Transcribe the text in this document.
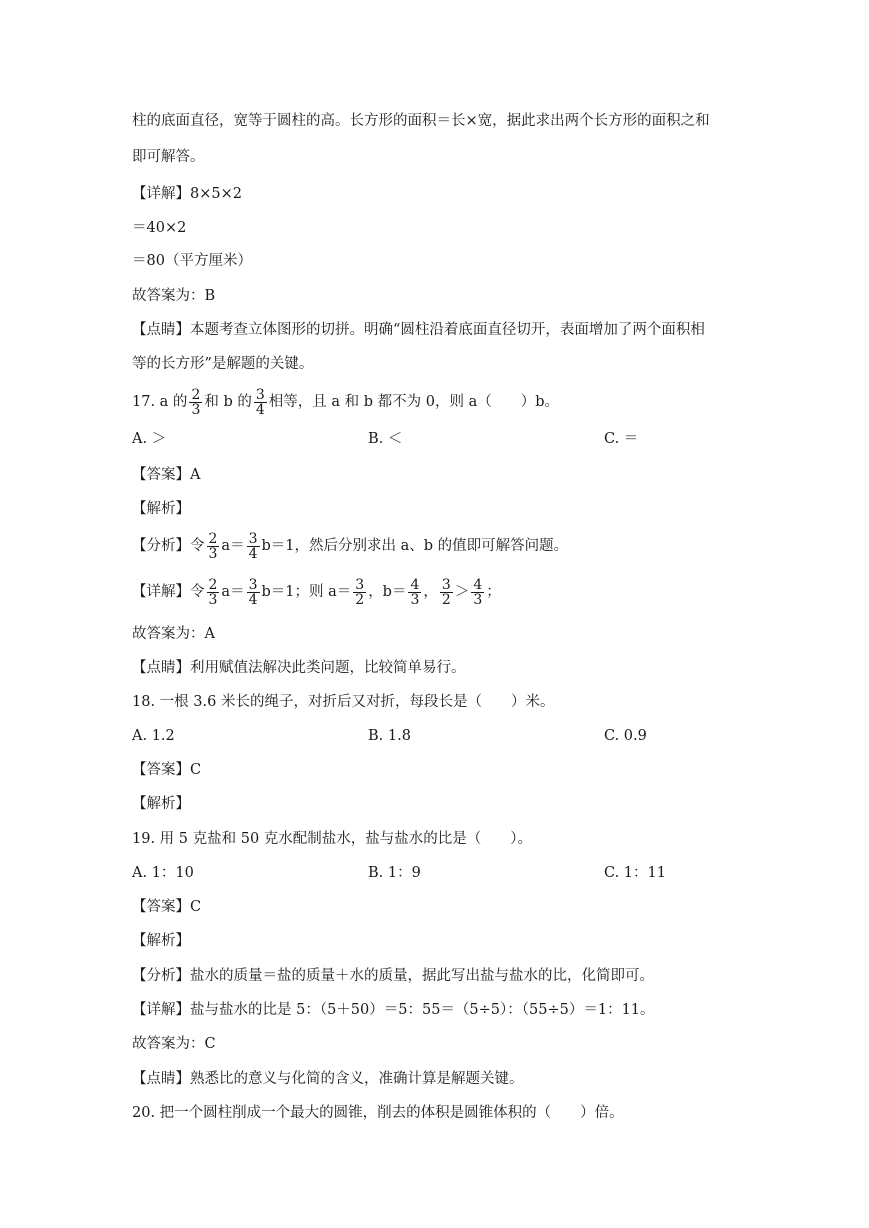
柱的底面直径，宽等于圆柱的高。长方形的面积＝长×宽，据此求出两个长方形的面积之和
即可解答。
【详解】8×5×2
＝40×2
＝80（平方厘米）
故答案为：B
【点睛】本题考查立体图形的切拼。明确“圆柱沿着底面直径切开，表面增加了两个面积相
等的长方形”是解题的关键。
17. a 的 $\frac{2}{3}$ 和 b 的 $\frac{3}{4}$ 相等，且 a 和 b 都不为 0，则 a（　　）b。
A. ＞	B. ＜	C. ＝
【答案】A
【解析】
【分析】 令 $\frac{2}{3} a= \frac{3}{4} b=1$，然后分别求出 a、b 的值即可解答问题。
【详解】 令 $\frac{2}{3} a= \frac{3}{4} b=1$；则 $a= \frac{3}{2}$ ，$b= \frac{4}{3}$ ， $\frac{3}{2} > \frac{4}{3}$ ；
故答案为：A
【点睛】利用赋值法解决此类问题，比较简单易行。
18. 一根 3.6 米长的绳子，对折后又对折，每段长是（　　）米。
A. 1.2	B. 1.8	C. 0.9
【答案】C
【解析】
19. 用 5 克盐和 50 克水配制盐水，盐与盐水的比是（　　）。
A. 1：10	B. 1：9	C. 1：11
【答案】C
【解析】
【分析】盐水的质量＝盐的质量＋水的质量，据此写出盐与盐水的比，化简即可。
【详解】盐与盐水的比是 5：（5＋50）＝5：55＝（5÷5）：（55÷5）＝1：11。
故答案为：C
【点睛】熟悉比的意义与化简的含义，准确计算是解题关键。
20. 把一个圆柱削成一个最大的圆锥，削去的体积是圆锥体积的（　　）倍。
